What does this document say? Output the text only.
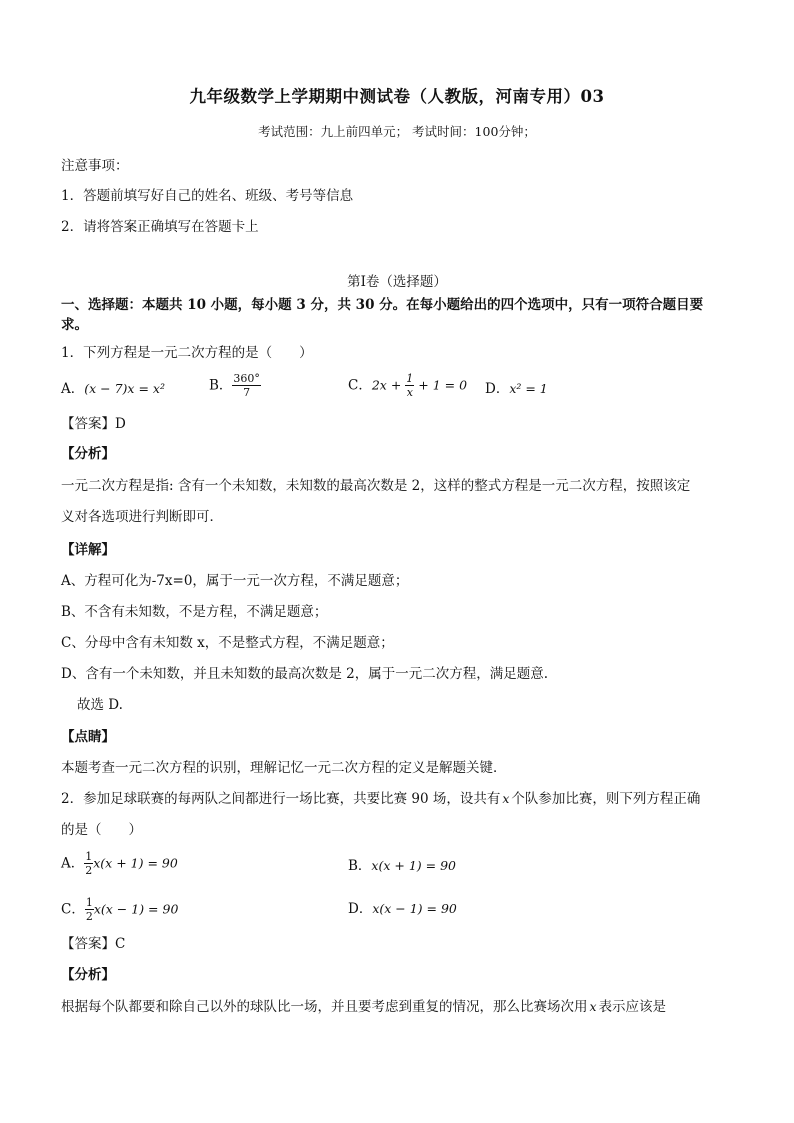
九年级数学上学期期中测试卷（人教版，河南专用）03
考试范围：九上前四单元； 考试时间：100分钟；
注意事项：
1．答题前填写好自己的姓名、班级、考号等信息
2．请将答案正确填写在答题卡上
第I卷（选择题）
一、选择题：本题共 10 小题，每小题 3 分，共 30 分。在每小题给出的四个选项中，只有一项符合题目要
求。
1．下列方程是一元二次方程的是（　　）
A．(x − 7)x = x²	B． $\frac{360^\circ}{7}$	C．$2x + \frac{1}{x} + 1 = 0$ D．x² = 1
【答案】D
【分析】
一元二次方程是指: 含有一个未知数，未知数的最高次数是 2，这样的整式方程是一元二次方程，按照该定
义对各选项进行判断即可．
【详解】
A、方程可化为-7x=0，属于一元一次方程，不满足题意；
B、不含有未知数，不是方程，不满足题意；
C、分母中含有未知数 x，不是整式方程，不满足题意；
D、含有一个未知数，并且未知数的最高次数是 2，属于一元二次方程，满足题意.
故选 D.
【点睛】
本题考查一元二次方程的识别，理解记忆一元二次方程的定义是解题关键．
2．参加足球联赛的每两队之间都进行一场比赛，共要比赛 90 场，设共有 x 个队参加比赛，则下列方程正确
的是（　　）
A． $\frac{1}{2} x(x + 1) = 90$	B．x(x + 1) = 90
C． $\frac{1}{2} x(x - 1) = 90$	D．x(x − 1) = 90
【答案】C
【分析】
根据每个队都要和除自己以外的球队比一场，并且要考虑到重复的情况，那么比赛场次用 x 表示应该是
